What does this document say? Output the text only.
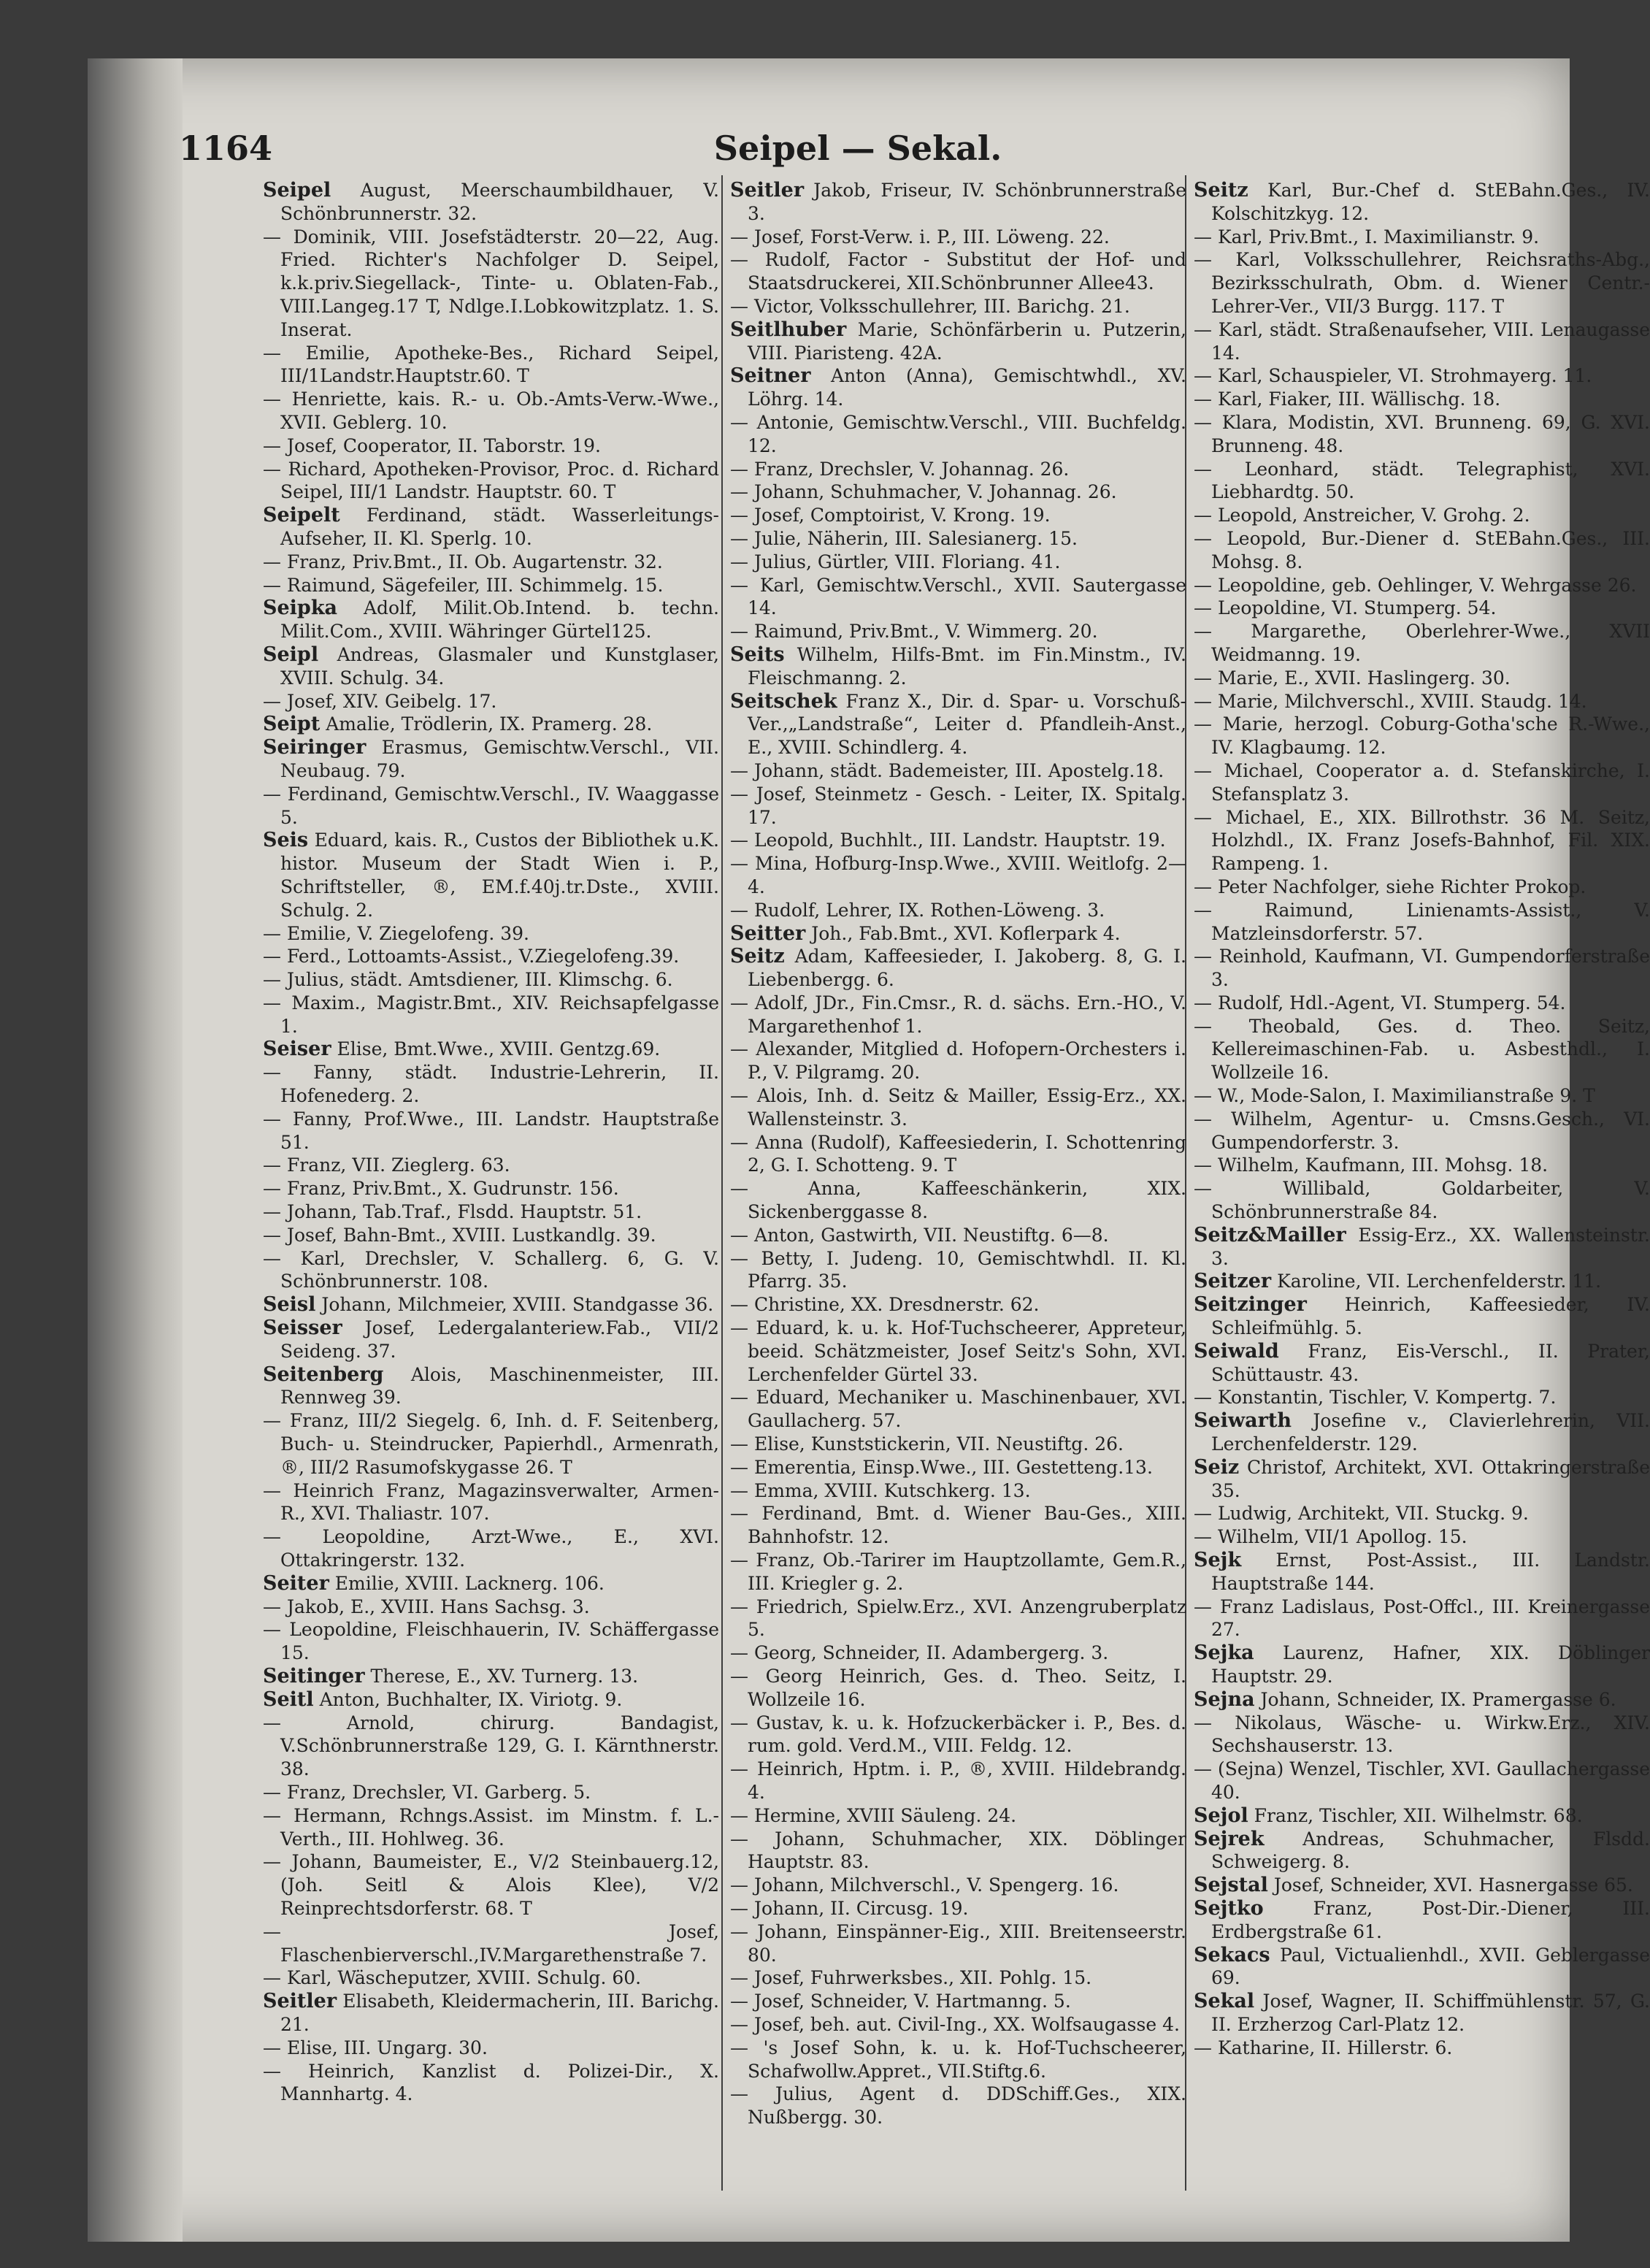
1164	Seipel — Sekal.

Seipel August, Meerschaumbildhauer, V. Schönbrunnerstr. 32.

— Dominik, VIII. Josefstädterstr. 20—22, Aug. Fried. Richter's Nachfolger D. Seipel, k.k.priv.Siegellack-, Tinte- u. Oblaten-Fab., VIII.Langeg.17 T, Ndlge.I.Lobkowitzplatz. 1. S. Inserat.

— Emilie, Apotheke-Bes., Richard Seipel, III/1Landstr.Hauptstr.60. T

— Henriette, kais. R.- u. Ob.-Amts-Verw.-Wwe., XVII. Geblerg. 10.

— Josef, Cooperator, II. Taborstr. 19.

— Richard, Apotheken-Provisor, Proc. d. Richard Seipel, III/1 Landstr. Hauptstr. 60. T

Seipelt Ferdinand, städt. Wasserleitungs-Aufseher, II. Kl. Sperlg. 10.

— Franz, Priv.Bmt., II. Ob. Augartenstr. 32.

— Raimund, Sägefeiler, III. Schimmelg. 15.

Seipka Adolf, Milit.Ob.Intend. b. techn. Milit.Com., XVIII. Währinger Gürtel125.

Seipl Andreas, Glasmaler und Kunstglaser, XVIII. Schulg. 34.

— Josef, XIV. Geibelg. 17.

Seipt Amalie, Trödlerin, IX. Pramerg. 28.

Seiringer Erasmus, Gemischtw.Verschl., VII. Neubaug. 79.

— Ferdinand, Gemischtw.Verschl., IV. Waaggasse 5.

Seis Eduard, kais. R., Custos der Bibliothek u.K. histor. Museum der Stadt Wien i. P., Schriftsteller, ®, EM.f.40j.tr.Dste., XVIII. Schulg. 2.

— Emilie, V. Ziegelofeng. 39.

— Ferd., Lottoamts-Assist., V.Ziegelofeng.39.

— Julius, städt. Amtsdiener, III. Klimschg. 6.

— Maxim., Magistr.Bmt., XIV. Reichsapfelgasse 1.

Seiser Elise, Bmt.Wwe., XVIII. Gentzg.69.

— Fanny, städt. Industrie-Lehrerin, II. Hofenederg. 2.

— Fanny, Prof.Wwe., III. Landstr. Hauptstraße 51.

— Franz, VII. Zieglerg. 63.

— Franz, Priv.Bmt., X. Gudrunstr. 156.

— Johann, Tab.Traf., Flsdd. Hauptstr. 51.

— Josef, Bahn-Bmt., XVIII. Lustkandlg. 39.

— Karl, Drechsler, V. Schallerg. 6, G. V. Schönbrunnerstr. 108.

Seisl Johann, Milchmeier, XVIII. Standgasse 36.

Seisser Josef, Ledergalanteriew.Fab., VII/2 Seideng. 37.

Seitenberg Alois, Maschinenmeister, III. Rennweg 39.

— Franz, III/2 Siegelg. 6, Inh. d. F. Seitenberg, Buch- u. Steindrucker, Papierhdl., Armenrath, ®, III/2 Rasumofskygasse 26. T

— Heinrich Franz, Magazinsverwalter, Armen-R., XVI. Thaliastr. 107.

— Leopoldine, Arzt-Wwe., E., XVI. Ottakringerstr. 132.

Seiter Emilie, XVIII. Lacknerg. 106.

— Jakob, E., XVIII. Hans Sachsg. 3.

— Leopoldine, Fleischhauerin, IV. Schäffergasse 15.

Seitinger Therese, E., XV. Turnerg. 13.

Seitl Anton, Buchhalter, IX. Viriotg. 9.

— Arnold, chirurg. Bandagist, V.Schönbrunnerstraße 129, G. I. Kärnthnerstr. 38.

— Franz, Drechsler, VI. Garberg. 5.

— Hermann, Rchngs.Assist. im Minstm. f. L.-Verth., III. Hohlweg. 36.

— Johann, Baumeister, E., V/2 Steinbauerg.12, (Joh. Seitl & Alois Klee), V/2 Reinprechtsdorferstr. 68. T

— Josef, Flaschenbierverschl.,IV.Margarethenstraße 7.

— Karl, Wäscheputzer, XVIII. Schulg. 60.

Seitler Elisabeth, Kleidermacherin, III. Barichg. 21.

— Elise, III. Ungarg. 30.

— Heinrich, Kanzlist d. Polizei-Dir., X. Mannhartg. 4.

Seitler Jakob, Friseur, IV. Schönbrunnerstraße 3.

— Josef, Forst-Verw. i. P., III. Löweng. 22.

— Rudolf, Factor - Substitut der Hof- und Staatsdruckerei, XII.Schönbrunner Allee43.

— Victor, Volksschullehrer, III. Barichg. 21.

Seitlhuber Marie, Schönfärberin u. Putzerin, VIII. Piaristeng. 42A.

Seitner Anton (Anna), Gemischtwhdl., XV. Löhrg. 14.

— Antonie, Gemischtw.Verschl., VIII. Buchfeldg. 12.

— Franz, Drechsler, V. Johannag. 26.

— Johann, Schuhmacher, V. Johannag. 26.

— Josef, Comptoirist, V. Krong. 19.

— Julie, Näherin, III. Salesianerg. 15.

— Julius, Gürtler, VIII. Floriang. 41.

— Karl, Gemischtw.Verschl., XVII. Sautergasse 14.

— Raimund, Priv.Bmt., V. Wimmerg. 20.

Seits Wilhelm, Hilfs-Bmt. im Fin.Minstm., IV. Fleischmanng. 2.

Seitschek Franz X., Dir. d. Spar- u. Vorschuß-Ver.,„Landstraße“, Leiter d. Pfandleih-Anst., E., XVIII. Schindlerg. 4.

— Johann, städt. Bademeister, III. Apostelg.18.

— Josef, Steinmetz - Gesch. - Leiter, IX. Spitalg. 17.

— Leopold, Buchhlt., III. Landstr. Hauptstr. 19.

— Mina, Hofburg-Insp.Wwe., XVIII. Weitlofg. 2—4.

— Rudolf, Lehrer, IX. Rothen-Löweng. 3.

Seitter Joh., Fab.Bmt., XVI. Koflerpark 4.

Seitz Adam, Kaffeesieder, I. Jakoberg. 8, G. I. Liebenbergg. 6.

— Adolf, JDr., Fin.Cmsr., R. d. sächs. Ern.-HO., V. Margarethenhof 1.

— Alexander, Mitglied d. Hofopern-Orchesters i. P., V. Pilgramg. 20.

— Alois, Inh. d. Seitz & Mailler, Essig-Erz., XX. Wallensteinstr. 3.

— Anna (Rudolf), Kaffeesiederin, I. Schottenring 2, G. I. Schotteng. 9. T

— Anna, Kaffeeschänkerin, XIX. Sickenberggasse 8.

— Anton, Gastwirth, VII. Neustiftg. 6—8.

— Betty, I. Judeng. 10, Gemischtwhdl. II. Kl. Pfarrg. 35.

— Christine, XX. Dresdnerstr. 62.

— Eduard, k. u. k. Hof-Tuchscheerer, Appreteur, beeid. Schätzmeister, Josef Seitz's Sohn, XVI. Lerchenfelder Gürtel 33.

— Eduard, Mechaniker u. Maschinenbauer, XVI. Gaullacherg. 57.

— Elise, Kunststickerin, VII. Neustiftg. 26.

— Emerentia, Einsp.Wwe., III. Gestetteng.13.

— Emma, XVIII. Kutschkerg. 13.

— Ferdinand, Bmt. d. Wiener Bau-Ges., XIII. Bahnhofstr. 12.

— Franz, Ob.-Tarirer im Hauptzollamte, Gem.R., III. Kriegler g. 2.

— Friedrich, Spielw.Erz., XVI. Anzengruberplatz 5.

— Georg, Schneider, II. Adambergerg. 3.

— Georg Heinrich, Ges. d. Theo. Seitz, I. Wollzeile 16.

— Gustav, k. u. k. Hofzuckerbäcker i. P., Bes. d. rum. gold. Verd.M., VIII. Feldg. 12.

— Heinrich, Hptm. i. P., ®, XVIII. Hildebrandg. 4.

— Hermine, XVIII Säuleng. 24.

— Johann, Schuhmacher, XIX. Döblinger Hauptstr. 83.

— Johann, Milchverschl., V. Spengerg. 16.

— Johann, II. Circusg. 19.

— Johann, Einspänner-Eig., XIII. Breitenseerstr. 80.

— Josef, Fuhrwerksbes., XII. Pohlg. 15.

— Josef, Schneider, V. Hartmanng. 5.

— Josef, beh. aut. Civil-Ing., XX. Wolfsaugasse 4.

— 's Josef Sohn, k. u. k. Hof-Tuchscheerer, Schafwollw.Appret., VII.Stiftg.6.

— Julius, Agent d. DDSchiff.Ges., XIX. Nußbergg. 30.

Seitz Karl, Bur.-Chef d. StEBahn.Ges., IV. Kolschitzkyg. 12.

— Karl, Priv.Bmt., I. Maximilianstr. 9.

— Karl, Volksschullehrer, Reichsraths-Abg., Bezirksschulrath, Obm. d. Wiener Centr.-Lehrer-Ver., VII/3 Burgg. 117. T

— Karl, städt. Straßenaufseher, VIII. Lenaugasse 14.

— Karl, Schauspieler, VI. Strohmayerg. 11.

— Karl, Fiaker, III. Wällischg. 18.

— Klara, Modistin, XVI. Brunneng. 69, G. XVI. Brunneng. 48.

— Leonhard, städt. Telegraphist, XVI. Liebhardtg. 50.

— Leopold, Anstreicher, V. Grohg. 2.

— Leopold, Bur.-Diener d. StEBahn.Ges., III. Mohsg. 8.

— Leopoldine, geb. Oehlinger, V. Wehrgasse 26.

— Leopoldine, VI. Stumperg. 54.

— Margarethe, Oberlehrer-Wwe., XVII Weidmanng. 19.

— Marie, E., XVII. Haslingerg. 30.

— Marie, Milchverschl., XVIII. Staudg. 14.

— Marie, herzogl. Coburg-Gotha'sche R.-Wwe., IV. Klagbaumg. 12.

— Michael, Cooperator a. d. Stefanskirche, I. Stefansplatz 3.

— Michael, E., XIX. Billrothstr. 36 M. Seitz, Holzhdl., IX. Franz Josefs-Bahnhof, Fil. XIX. Rampeng. 1.

— Peter Nachfolger, siehe Richter Prokop.

— Raimund, Linienamts-Assist., V. Matzleinsdorferstr. 57.

— Reinhold, Kaufmann, VI. Gumpendorferstraße 3.

— Rudolf, Hdl.-Agent, VI. Stumperg. 54.

— Theobald, Ges. d. Theo. Seitz, Kellereimaschinen-Fab. u. Asbesthdl., I. Wollzeile 16.

— W., Mode-Salon, I. Maximilianstraße 9. T

— Wilhelm, Agentur- u. Cmsns.Gesch., VI. Gumpendorferstr. 3.

— Wilhelm, Kaufmann, III. Mohsg. 18.

— Willibald, Goldarbeiter, V. Schönbrunnerstraße 84.

Seitz&Mailler Essig-Erz., XX. Wallensteinstr. 3.

Seitzer Karoline, VII. Lerchenfelderstr. 11.

Seitzinger Heinrich, Kaffeesieder, IV. Schleifmühlg. 5.

Seiwald Franz, Eis-Verschl., II. Prater, Schüttaustr. 43.

— Konstantin, Tischler, V. Kompertg. 7.

Seiwarth Josefine v., Clavierlehrerin, VII. Lerchenfelderstr. 129.

Seiz Christof, Architekt, XVI. Ottakringerstraße 35.

— Ludwig, Architekt, VII. Stuckg. 9.

— Wilhelm, VII/1 Apollog. 15.

Sejk Ernst, Post-Assist., III. Landstr. Hauptstraße 144.

— Franz Ladislaus, Post-Offcl., III. Kreinergasse 27.

Sejka Laurenz, Hafner, XIX. Döblinger Hauptstr. 29.

Sejna Johann, Schneider, IX. Pramergasse 6.

— Nikolaus, Wäsche- u. Wirkw.Erz., XIV. Sechshauserstr. 13.

— (Sejna) Wenzel, Tischler, XVI. Gaullachergasse 40.

Sejol Franz, Tischler, XII. Wilhelmstr. 68.

Sejrek Andreas, Schuhmacher, Flsdd. Schweigerg. 8.

Sejstal Josef, Schneider, XVI. Hasnergasse 65.

Sejtko	Franz, Post-Dir.-Diener, III. Erdbergstraße 61.

Sekacs Paul, Victualienhdl., XVII. Geblergasse 69.

Sekal Josef, Wagner, II. Schiffmühlenstr. 57, G. II. Erzherzog Carl-Platz 12.

— Katharine, II. Hillerstr. 6.
